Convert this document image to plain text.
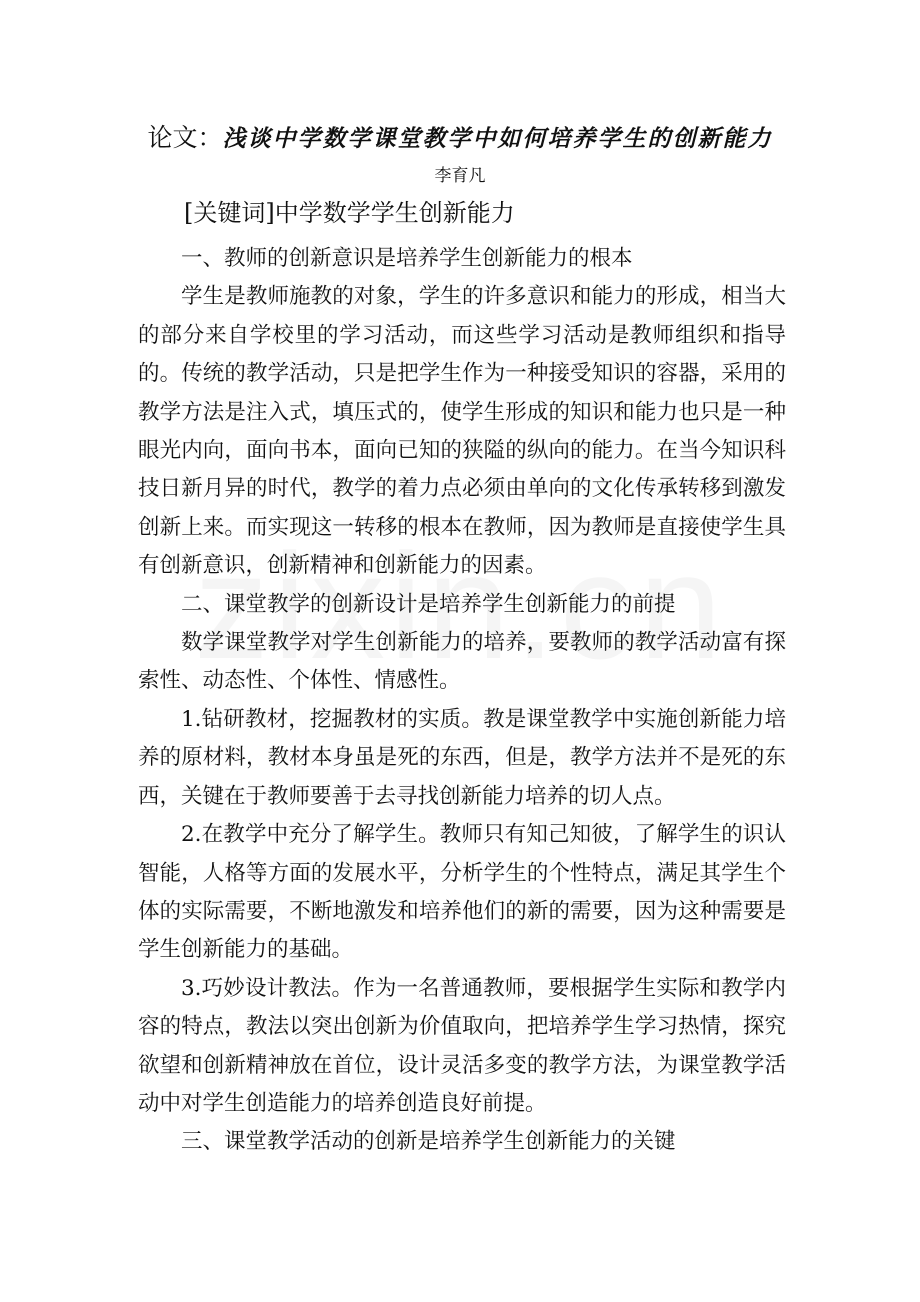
论文：浅谈中学数学课堂教学中如何培养学生的创新能力
李育凡
[关键词]中学数学学生创新能力

一、教师的创新意识是培养学生创新能力的根本

学生是教师施教的对象，学生的许多意识和能力的形成，相当大的部分来自学校里的学习活动，而这些学习活动是教师组织和指导的。传统的教学活动，只是把学生作为一种接受知识的容器，采用的教学方法是注入式，填压式的，使学生形成的知识和能力也只是一种眼光内向，面向书本，面向已知的狭隘的纵向的能力。在当今知识科技日新月异的时代，教学的着力点必须由单向的文化传承转移到激发创新上来。而实现这一转移的根本在教师，因为教师是直接使学生具有创新意识，创新精神和创新能力的因素。

二、课堂教学的创新设计是培养学生创新能力的前提

数学课堂教学对学生创新能力的培养，要教师的教学活动富有探索性、动态性、个体性、情感性。

1.钻研教材，挖掘教材的实质。教是课堂教学中实施创新能力培养的原材料，教材本身虽是死的东西，但是，教学方法并不是死的东西，关键在于教师要善于去寻找创新能力培养的切人点。

2.在教学中充分了解学生。教师只有知己知彼，了解学生的识认智能，人格等方面的发展水平，分析学生的个性特点，满足其学生个体的实际需要，不断地激发和培养他们的新的需要，因为这种需要是学生创新能力的基础。

3.巧妙设计教法。作为一名普通教师，要根据学生实际和教学内容的特点，教法以突出创新为价值取向，把培养学生学习热情，探究欲望和创新精神放在首位，设计灵活多变的教学方法，为课堂教学活动中对学生创造能力的培养创造良好前提。

三、课堂教学活动的创新是培养学生创新能力的关键
